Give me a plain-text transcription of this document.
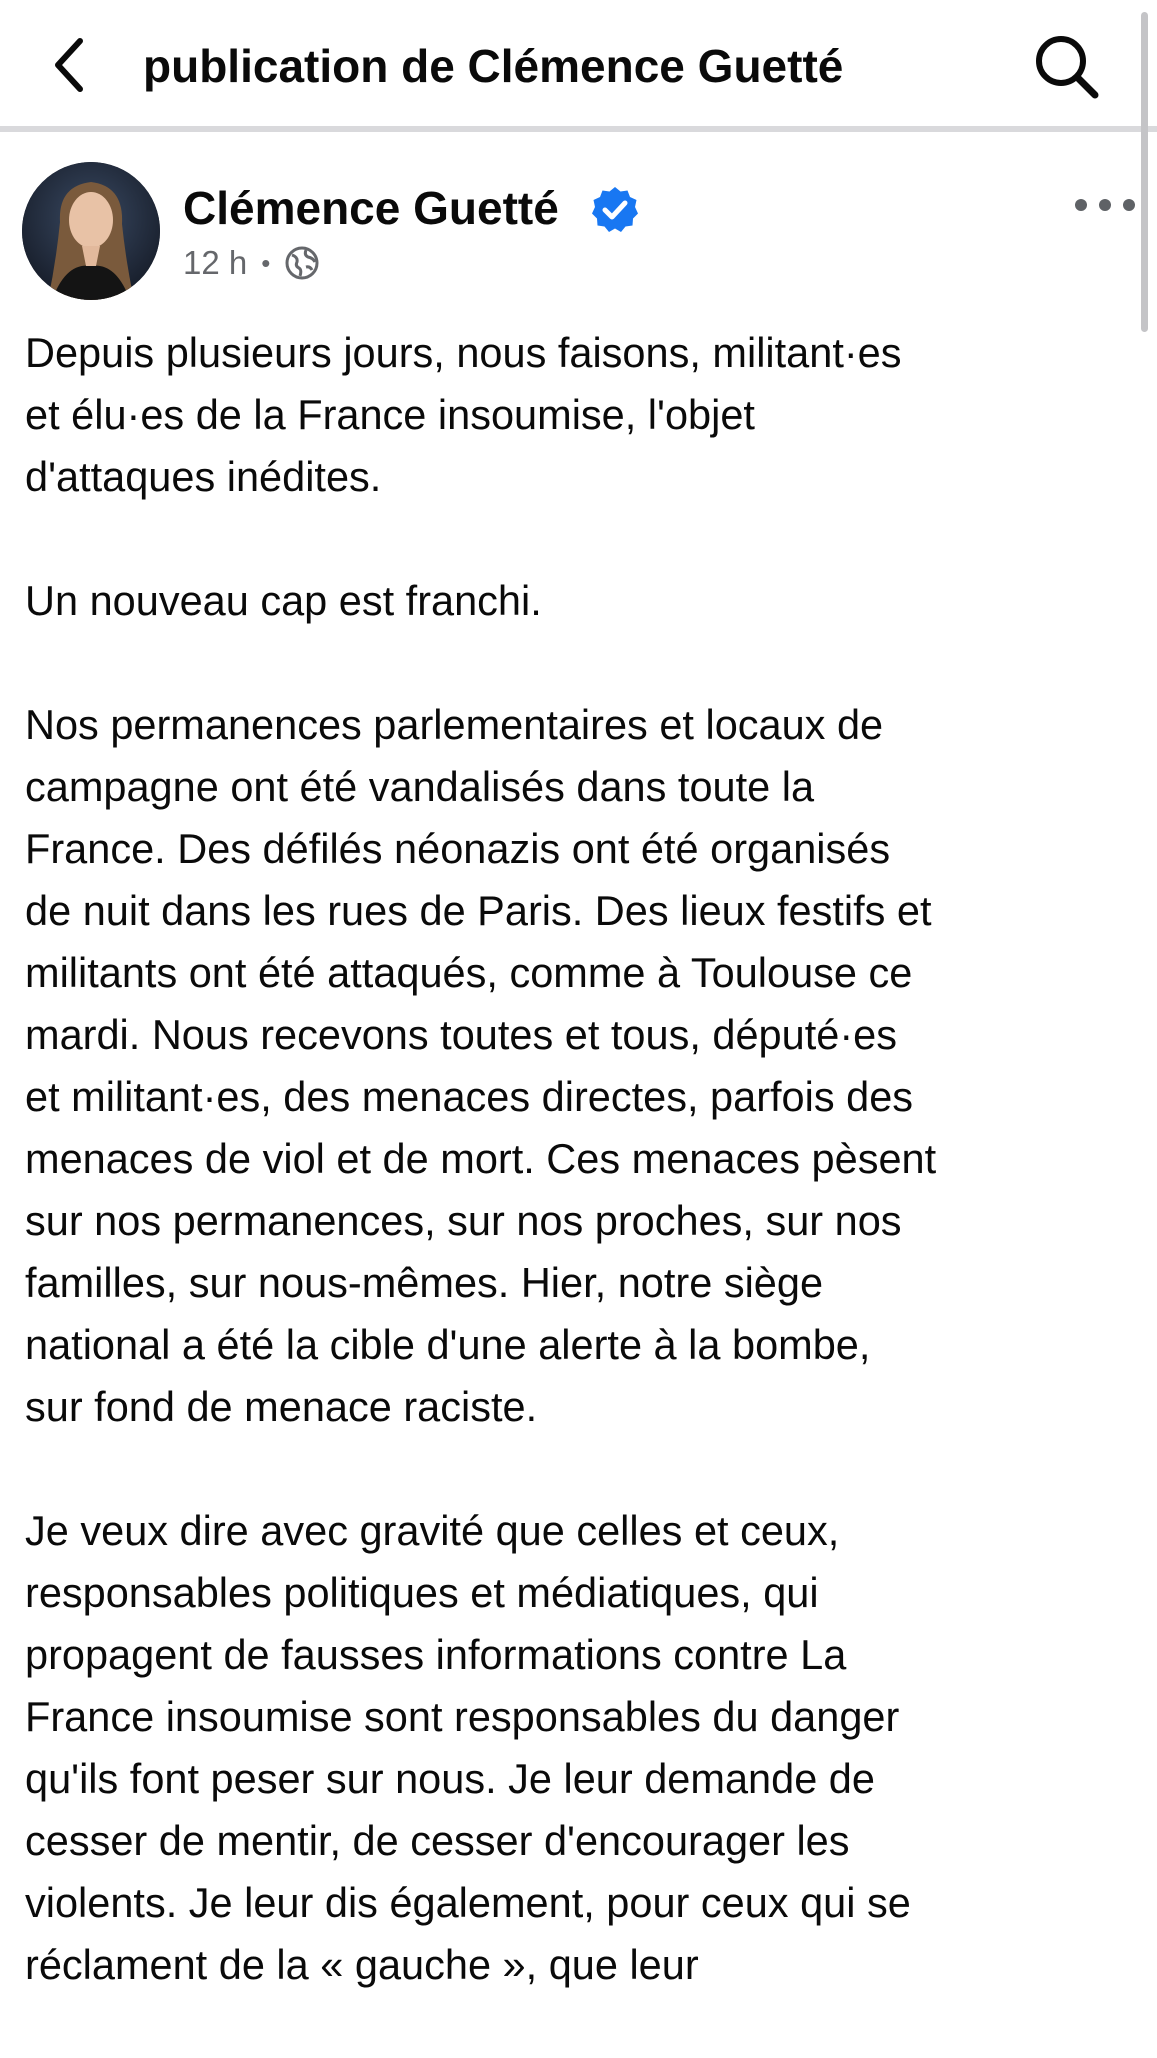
publication de Clémence Guetté
Clémence Guetté
12 h •

Depuis plusieurs jours, nous faisons, militant·es
et élu·es de la France insoumise, l'objet
d'attaques inédites.

Un nouveau cap est franchi.

Nos permanences parlementaires et locaux de
campagne ont été vandalisés dans toute la
France. Des défilés néonazis ont été organisés
de nuit dans les rues de Paris. Des lieux festifs et
militants ont été attaqués, comme à Toulouse ce
mardi. Nous recevons toutes et tous, député·es
et militant·es, des menaces directes, parfois des
menaces de viol et de mort. Ces menaces pèsent
sur nos permanences, sur nos proches, sur nos
familles, sur nous-mêmes. Hier, notre siège
national a été la cible d'une alerte à la bombe,
sur fond de menace raciste.

Je veux dire avec gravité que celles et ceux,
responsables politiques et médiatiques, qui
propagent de fausses informations contre La
France insoumise sont responsables du danger
qu'ils font peser sur nous. Je leur demande de
cesser de mentir, de cesser d'encourager les
violents. Je leur dis également, pour ceux qui se
réclament de la « gauche », que leur
